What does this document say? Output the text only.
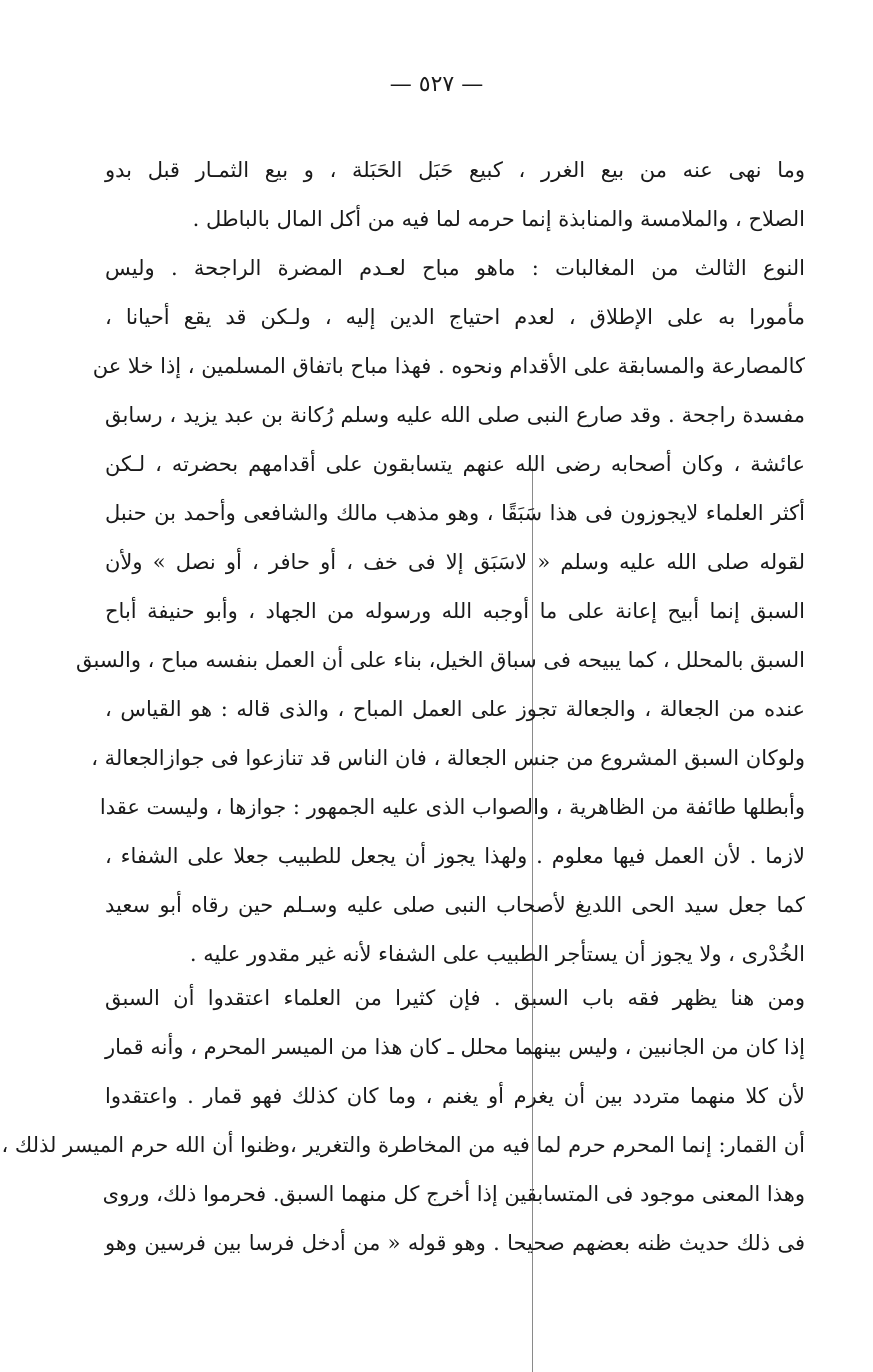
— ٥٢٧ —
وما نهى عنه من بيع الغرر ، كبيع حَبَل الحَبَلة ، و بيع الثمـار قبل بدو
الصلاح ، والملامسة والمنابذة إنما حرمه لما فيه من أكل المال بالباطل .
النوع الثالث من المغالبات : ماهو مباح لعـدم المضرة الراجحة . وليس
مأمورا به على الإطلاق ، لعدم احتياج الدين إليه ، ولـكن قد يقع أحيانا ،
كالمصارعة والمسابقة على الأقدام ونحوه . فهذا مباح باتفاق المسلمين ، إذا خلا عن
مفسدة راجحة . وقد صارع النبى صلى الله عليه وسلم رُكانة بن عبد يزيد ، رسابق
عائشة ، وكان أصحابه رضى الله عنهم يتسابقون على أقدامهم بحضرته ، لـكن
أكثر العلماء لايجوزون فى هذا سَبَقًا ، وهو مذهب مالك والشافعى وأحمد بن حنبل
لقوله صلى الله عليه وسلم « لاسَبَق إلا فى خف ، أو حافر ، أو نصل » ولأن
السبق إنما أبيح إعانة على ما أوجبه الله ورسوله من الجهاد ، وأبو حنيفة أباح
السبق بالمحلل ، كما يبيحه فى سباق الخيل، بناء على أن العمل بنفسه مباح ، والسبق
عنده من الجعالة ، والجعالة تجوز على العمل المباح ، والذى قاله : هو القياس ،
ولوكان السبق المشروع من جنس الجعالة ، فان الناس قد تنازعوا فى جوازالجعالة ،
وأبطلها طائفة من الظاهرية ، والصواب الذى عليه الجمهور : جوازها ، وليست عقدا
لازما . لأن العمل فيها معلوم . ولهذا يجوز أن يجعل للطبيب جعلا على الشفاء ،
كما جعل سيد الحى اللديغ لأصحاب النبى صلى عليه وسـلم حين رقاه أبو سعيد
الخُدْرى ، ولا يجوز أن يستأجر الطبيب على الشفاء لأنه غير مقدور عليه .
ومن هنا يظهر فقه باب السبق . فإن كثيرا من العلماء اعتقدوا أن السبق
إذا كان من الجانبين ، وليس بينهما محلل ـ كان هذا من الميسر المحرم ، وأنه قمار
لأن كلا منهما متردد بين أن يغرم أو يغنم ، وما كان كذلك فهو قمار . واعتقدوا
أن القمار: إنما المحرم حرم لما فيه من المخاطرة والتغرير ،وظنوا أن الله حرم الميسر لذلك ،
وهذا المعنى موجود فى المتسابقين إذا أخرج كل منهما السبق. فحرموا ذلك، وروى
فى ذلك حديث ظنه بعضهم صحيحا . وهو قوله « من أدخل فرسا بين فرسين وهو
